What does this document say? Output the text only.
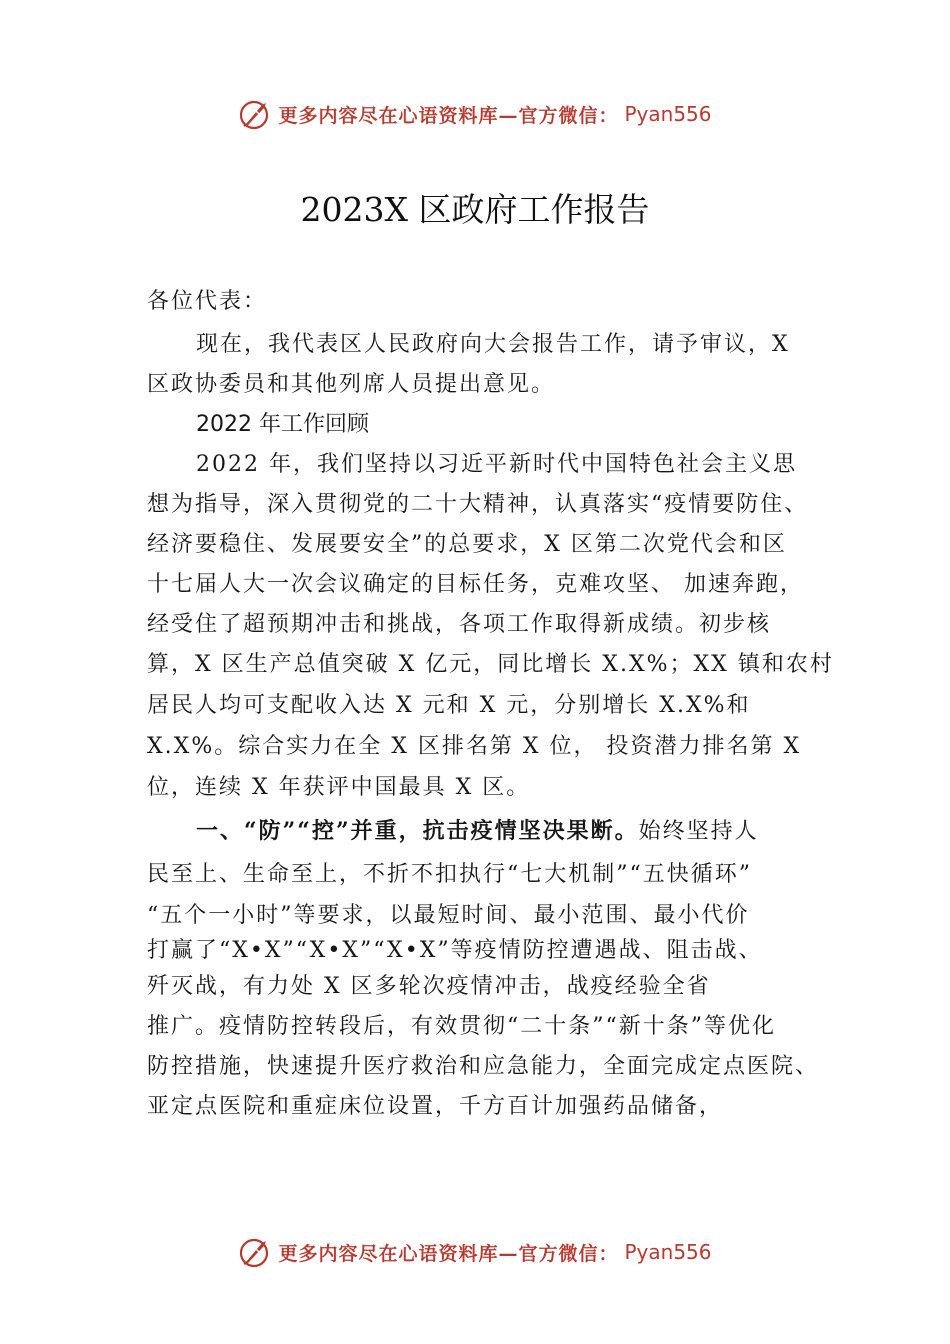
更多内容尽在心语资料库—官方微信： Pyan556
2023X 区政府工作报告
各位代表：
现在，我代表区人民政府向大会报告工作，请予审议，X
区政协委员和其他列席人员提出意见。
2022 年工作回顾
2022 年，我们坚持以习近平新时代中国特色社会主义思
想为指导，深入贯彻党的二十大精神，认真落实“疫情要防住、
经济要稳住、发展要安全”的总要求，X 区第二次党代会和区
十七届人大一次会议确定的目标任务，克难攻坚、 加速奔跑，
经受住了超预期冲击和挑战，各项工作取得新成绩。初步核
算，X 区生产总值突破 X 亿元，同比增长 X.X%；XX 镇和农村
居民人均可支配收入达 X 元和 X 元，分别增长 X.X%和
X.X%。综合实力在全 X 区排名第 X 位， 投资潜力排名第 X
位，连续 X 年获评中国最具 X 区。
一、“防”“控”并重，抗击疫情坚决果断。始终坚持人
民至上、生命至上，不折不扣执行“七大机制”“五快循环”
“五个一小时”等要求，以最短时间、最小范围、最小代价
打赢了“X•X”“X•X”“X•X”等疫情防控遭遇战、阻击战、
歼灭战，有力处 X 区多轮次疫情冲击，战疫经验全省
推广。疫情防控转段后，有效贯彻“二十条”“新十条”等优化
防控措施，快速提升医疗救治和应急能力，全面完成定点医院、
亚定点医院和重症床位设置，千方百计加强药品储备，
更多内容尽在心语资料库—官方微信： Pyan556
